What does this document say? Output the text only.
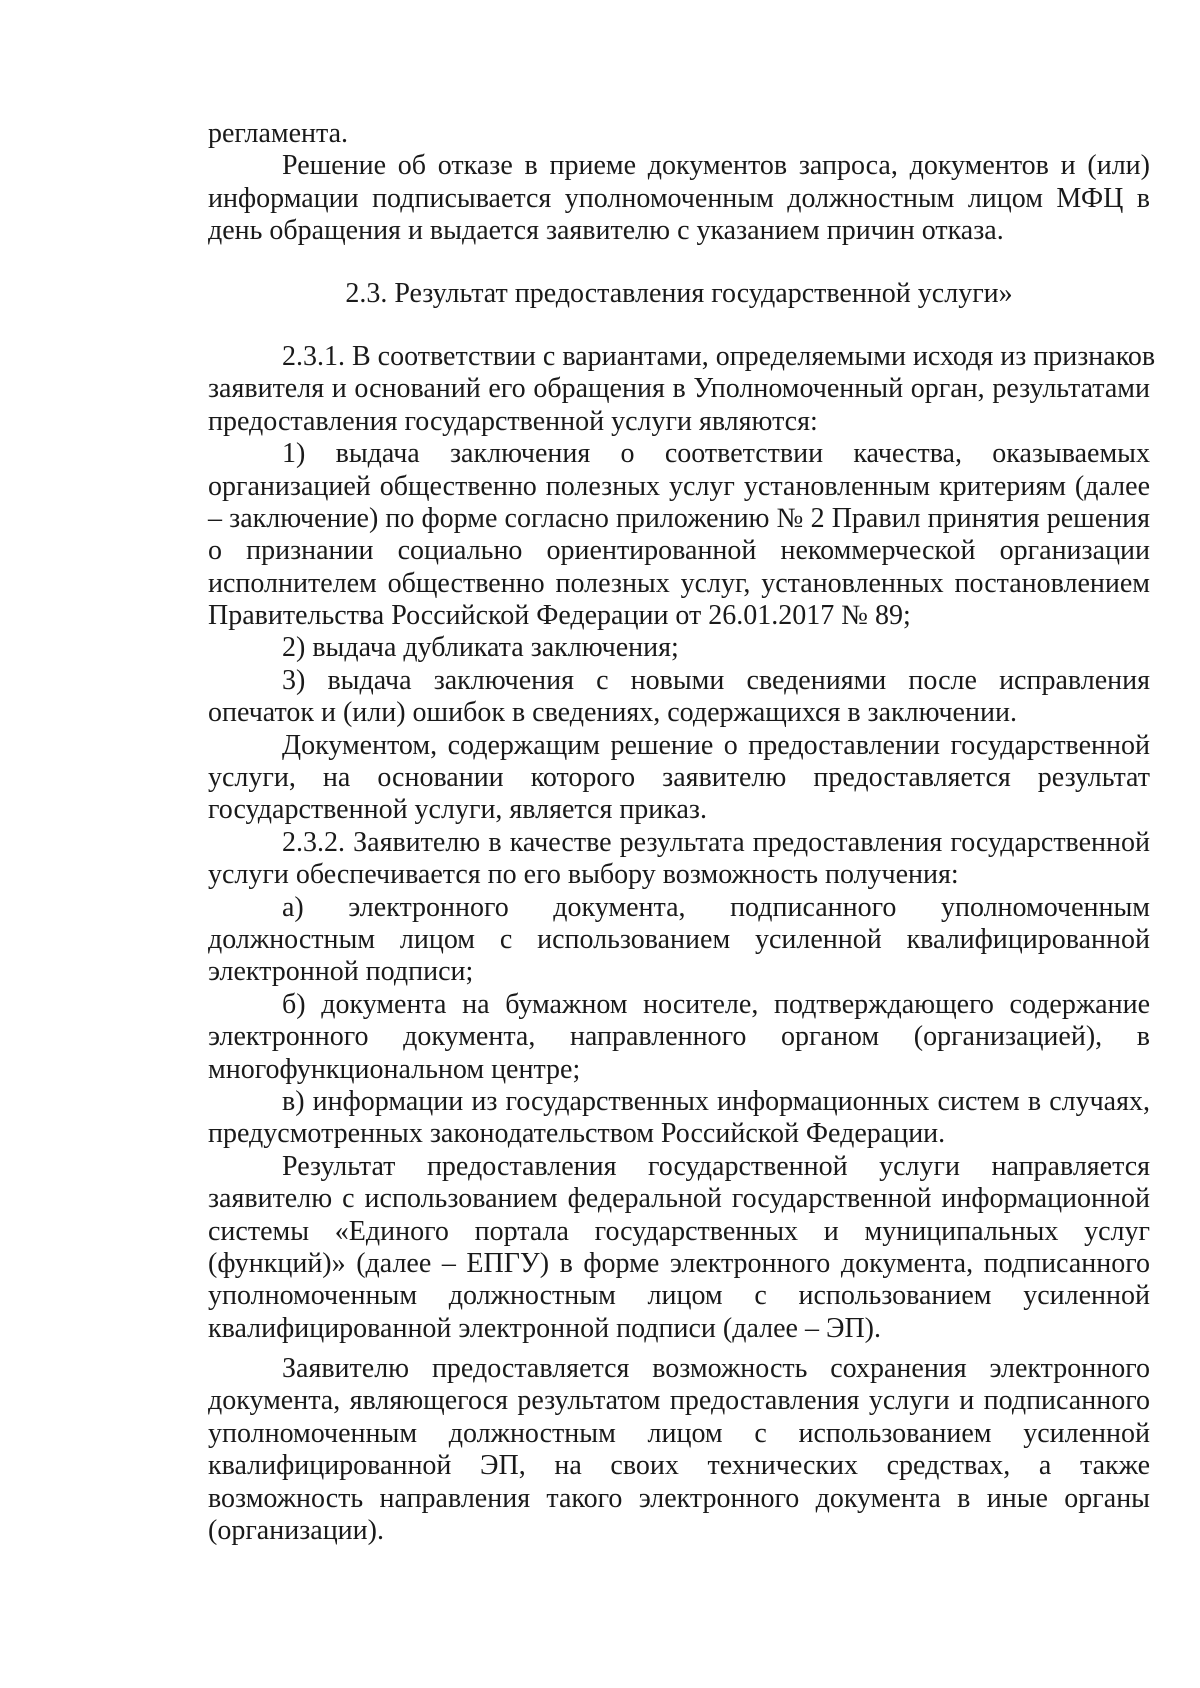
регламента.
Решение об отказе в приеме документов запроса, документов и (или)
информации подписывается уполномоченным должностным лицом МФЦ в
день обращения и выдается заявителю с указанием причин отказа.
2.3. Результат предоставления государственной услуги»
2.3.1. В соответствии с вариантами, определяемыми исходя из признаков
заявителя и оснований его обращения в Уполномоченный орган, результатами
предоставления государственной услуги являются:
1) выдача заключения о соответствии качества, оказываемых
организацией общественно полезных услуг установленным критериям (далее
– заключение) по форме согласно приложению № 2 Правил принятия решения
о признании социально ориентированной некоммерческой организации
исполнителем общественно полезных услуг, установленных постановлением
Правительства Российской Федерации от 26.01.2017 № 89;
2) выдача дубликата заключения;
3) выдача заключения с новыми сведениями после исправления
опечаток и (или) ошибок в сведениях, содержащихся в заключении.
Документом, содержащим решение о предоставлении государственной
услуги, на основании которого заявителю предоставляется результат
государственной услуги, является приказ.
2.3.2. Заявителю в качестве результата предоставления государственной
услуги обеспечивается по его выбору возможность получения:
а) электронного документа, подписанного уполномоченным
должностным лицом с использованием усиленной квалифицированной
электронной подписи;
б) документа на бумажном носителе, подтверждающего содержание
электронного документа, направленного органом (организацией), в
многофункциональном центре;
в) информации из государственных информационных систем в случаях,
предусмотренных законодательством Российской Федерации.
Результат предоставления государственной услуги направляется
заявителю с использованием федеральной государственной информационной
системы «Единого портала государственных и муниципальных услуг
(функций)» (далее – ЕПГУ) в форме электронного документа, подписанного
уполномоченным должностным лицом с использованием усиленной
квалифицированной электронной подписи (далее – ЭП).
Заявителю предоставляется возможность сохранения электронного
документа, являющегося результатом предоставления услуги и подписанного
уполномоченным должностным лицом с использованием усиленной
квалифицированной ЭП, на своих технических средствах, а также
возможность направления такого электронного документа в иные органы
(организации).
